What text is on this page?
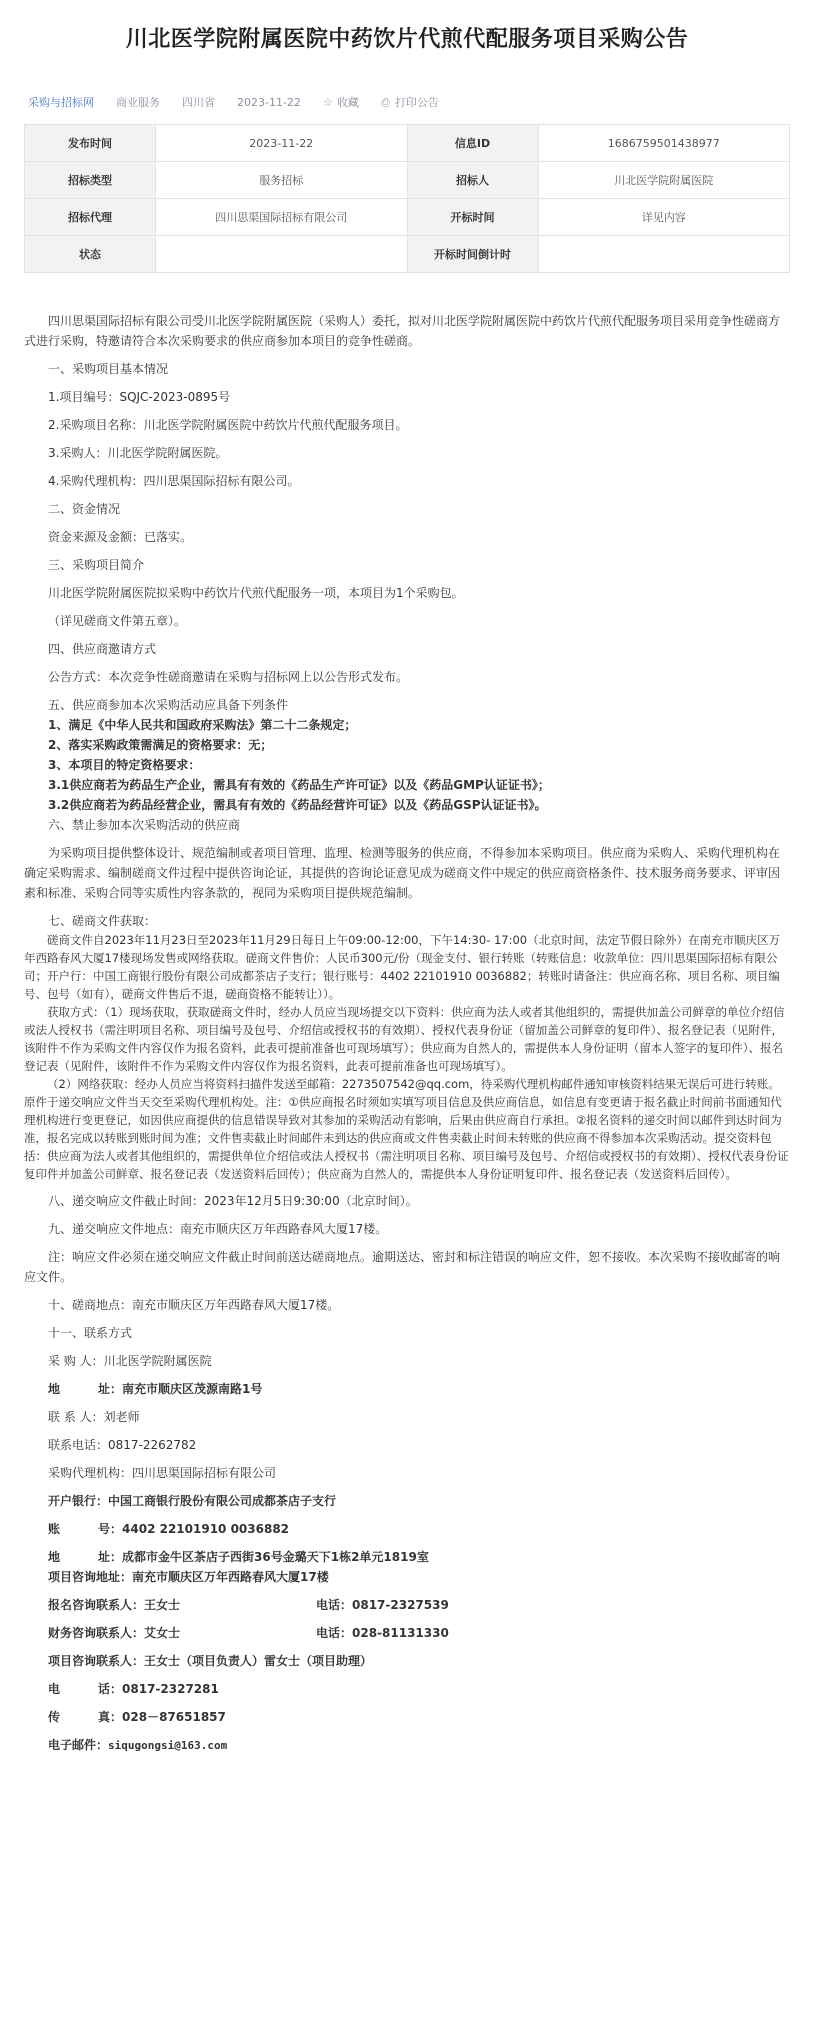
川北医学院附属医院中药饮片代煎代配服务项目采购公告
采购与招标网 商业服务 四川省 2023-11-22 ☆ 收藏 ⎙ 打印公告
发布时间	2023-11-22	信息ID	1686759501438977
招标类型	服务招标	招标人	川北医学院附属医院
招标代理	四川思渠国际招标有限公司	开标时间	详见内容
状态		开标时间倒计时	

四川思渠国际招标有限公司受川北医学院附属医院（采购人）委托，拟对川北医学院附属医院中药饮片代煎代配服务项目采用竞争性磋商方式进行采购，特邀请符合本次采购要求的供应商参加本项目的竞争性磋商。

一、采购项目基本情况

1.项目编号：SQJC-2023-0895号

2.采购项目名称：川北医学院附属医院中药饮片代煎代配服务项目。

3.采购人：川北医学院附属医院。

4.采购代理机构：四川思渠国际招标有限公司。

二、资金情况

资金来源及金额：已落实。

三、采购项目简介

川北医学院附属医院拟采购中药饮片代煎代配服务一项，本项目为1个采购包。

（详见磋商文件第五章）。

四、供应商邀请方式

公告方式：本次竞争性磋商邀请在采购与招标网上以公告形式发布。

五、供应商参加本次采购活动应具备下列条件

1、满足《中华人民共和国政府采购法》第二十二条规定；

2、落实采购政策需满足的资格要求：无；

3、本项目的特定资格要求：

3.1供应商若为药品生产企业，需具有有效的《药品生产许可证》以及《药品GMP认证证书》；

3.2供应商若为药品经营企业，需具有有效的《药品经营许可证》以及《药品GSP认证证书》。

六、禁止参加本次采购活动的供应商

为采购项目提供整体设计、规范编制或者项目管理、监理、检测等服务的供应商，不得参加本采购项目。供应商为采购人、采购代理机构在确定采购需求、编制磋商文件过程中提供咨询论证，其提供的咨询论证意见成为磋商文件中规定的供应商资格条件、技术服务商务要求、评审因素和标准、采购合同等实质性内容条款的，视同为采购项目提供规范编制。

七、磋商文件获取：

磋商文件自2023年11月23日至2023年11月29日每日上午09:00-12:00，下午14:30- 17:00（北京时间，法定节假日除外）在南充市顺庆区万年西路春风大厦17楼现场发售或网络获取。磋商文件售价：人民币300元/份（现金支付、银行转账（转账信息：收款单位：四川思渠国际招标有限公司；开户行：中国工商银行股份有限公司成都茶店子支行；银行账号：4402 22101910 0036882；转账时请备注：供应商名称、项目名称、项目编号、包号（如有），磋商文件售后不退，磋商资格不能转让））。

获取方式：（1）现场获取，获取磋商文件时，经办人员应当现场提交以下资料：供应商为法人或者其他组织的，需提供加盖公司鲜章的单位介绍信或法人授权书（需注明项目名称、项目编号及包号、介绍信或授权书的有效期）、授权代表身份证（留加盖公司鲜章的复印件）、报名登记表（见附件，该附件不作为采购文件内容仅作为报名资料，此表可提前准备也可现场填写）；供应商为自然人的，需提供本人身份证明（留本人签字的复印件）、报名登记表（见附件，该附件不作为采购文件内容仅作为报名资料，此表可提前准备也可现场填写）。

（2）网络获取：经办人员应当将资料扫描件发送至邮箱：2273507542@qq.com，待采购代理机构邮件通知审核资料结果无误后可进行转账。原件于递交响应文件当天交至采购代理机构处。注：①供应商报名时须如实填写项目信息及供应商信息，如信息有变更请于报名截止时间前书面通知代理机构进行变更登记，如因供应商提供的信息错误导致对其参加的采购活动有影响，后果由供应商自行承担。②报名资料的递交时间以邮件到达时间为准，报名完成以转账到账时间为准；文件售卖截止时间邮件未到达的供应商或文件售卖截止时间未转账的供应商不得参加本次采购活动。提交资料包括：供应商为法人或者其他组织的，需提供单位介绍信或法人授权书（需注明项目名称、项目编号及包号、介绍信或授权书的有效期）、授权代表身份证复印件并加盖公司鲜章、报名登记表（发送资料后回传）；供应商为自然人的，需提供本人身份证明复印件、报名登记表（发送资料后回传）。

八、递交响应文件截止时间：2023年12月5日9:30:00（北京时间）。

九、递交响应文件地点：南充市顺庆区万年西路春风大厦17楼。

注：响应文件必须在递交响应文件截止时间前送达磋商地点。逾期送达、密封和标注错误的响应文件，恕不接收。本次采购不接收邮寄的响应文件。

十、磋商地点：南充市顺庆区万年西路春风大厦17楼。

十一、联系方式

采 购 人：川北医学院附属医院

地	址：南充市顺庆区茂源南路1号

联 系 人：刘老师

联系电话：0817-2262782

采购代理机构：四川思渠国际招标有限公司

开户银行：中国工商银行股份有限公司成都茶店子支行

账	号：4402 22101910 0036882

地	址：成都市金牛区茶店子西街36号金璐天下1栋2单元1819室

项目咨询地址：南充市顺庆区万年西路春风大厦17楼

报名咨询联系人：王女士	电话：0817-2327539
财务咨询联系人：艾女士	电话：028-81131330

项目咨询联系人：王女士（项目负责人）雷女士（项目助理）

电	话：0817-2327281

传	真：028－87651857

电子邮件：siqugongsi@163.com
